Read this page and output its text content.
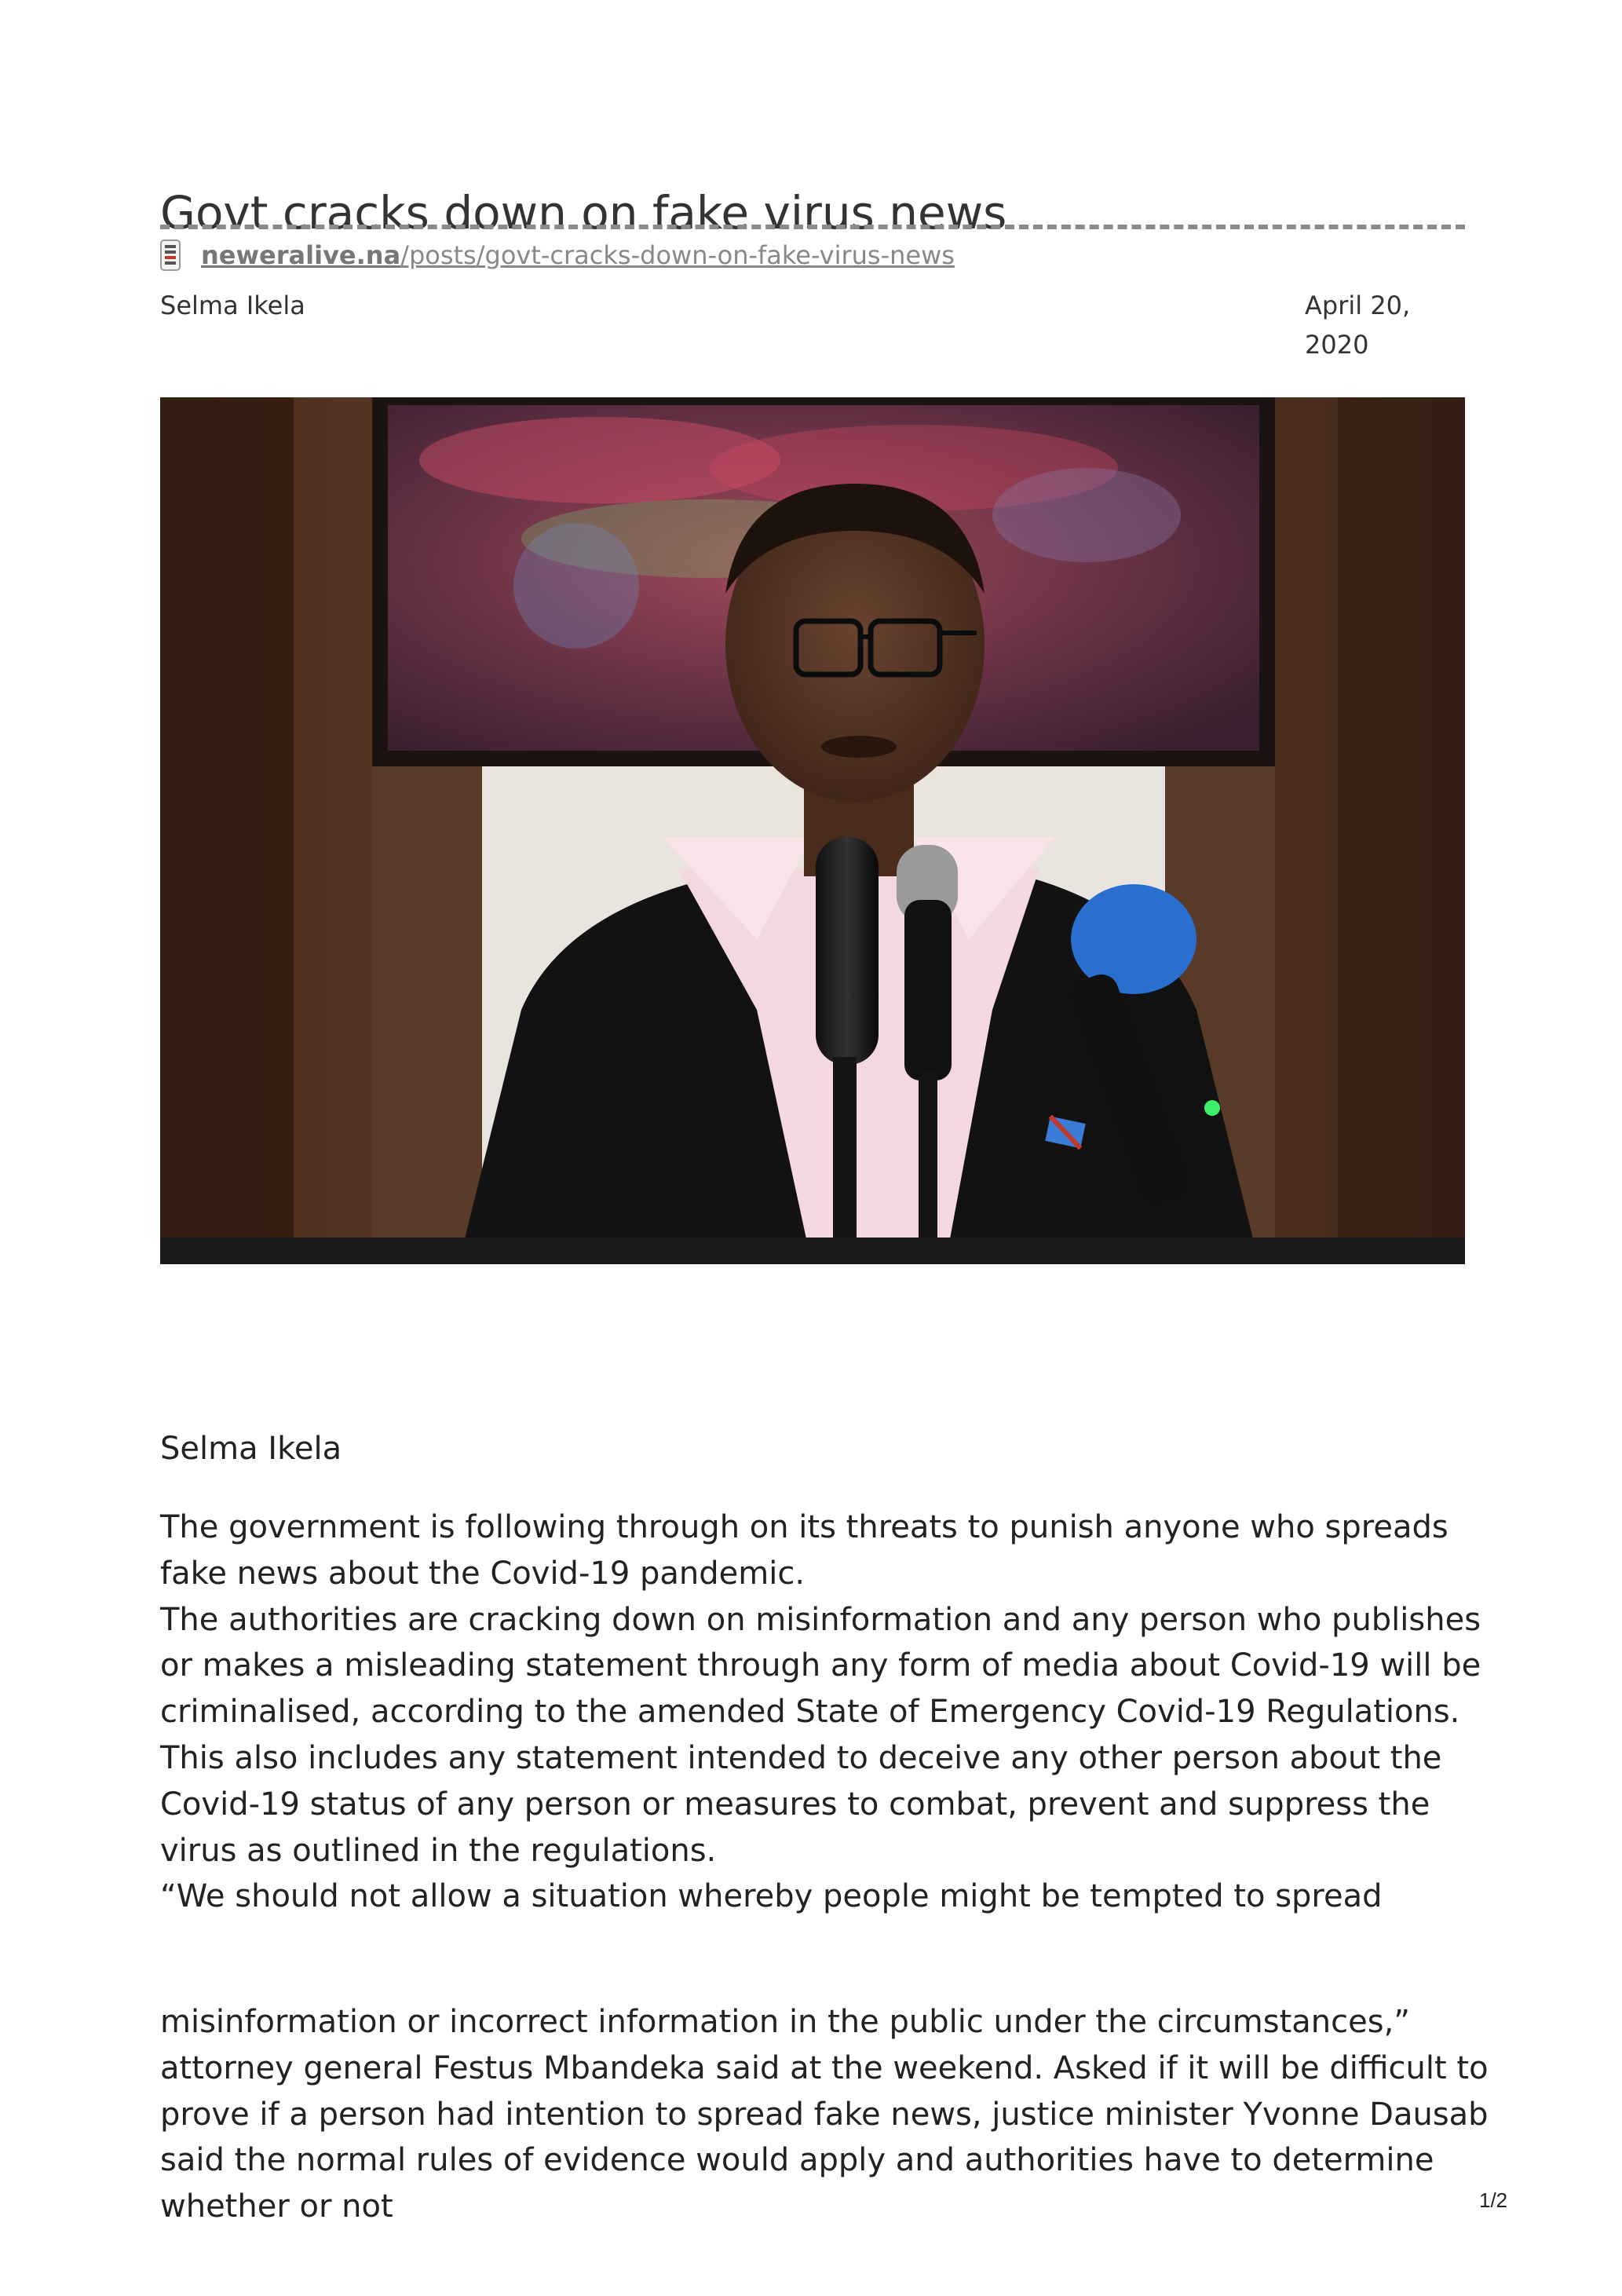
Govt cracks down on fake virus news
neweralive.na /posts/govt-cracks-down-on-fake-virus-news
Selma Ikela	April 20,
2020
Selma Ikela

The government is following through on its threats to punish anyone who spreads fake news about the Covid-19 pandemic.

The authorities are cracking down on misinformation and any person who publishes or makes a misleading statement through any form of media about Covid-19 will be criminalised, according to the amended State of Emergency Covid-19 Regulations.

This also includes any statement intended to deceive any other person about the Covid-19 status of any person or measures to combat, prevent and suppress the virus as outlined in the regulations.

“We should not allow a situation whereby people might be tempted to spread

misinformation or incorrect information in the public under the circumstances,” attorney general Festus Mbandeka said at the weekend. Asked if it will be difficult to prove if a person had intention to spread fake news, justice minister Yvonne Dausab said the normal rules of evidence would apply and authorities have to determine whether or not	1/2
